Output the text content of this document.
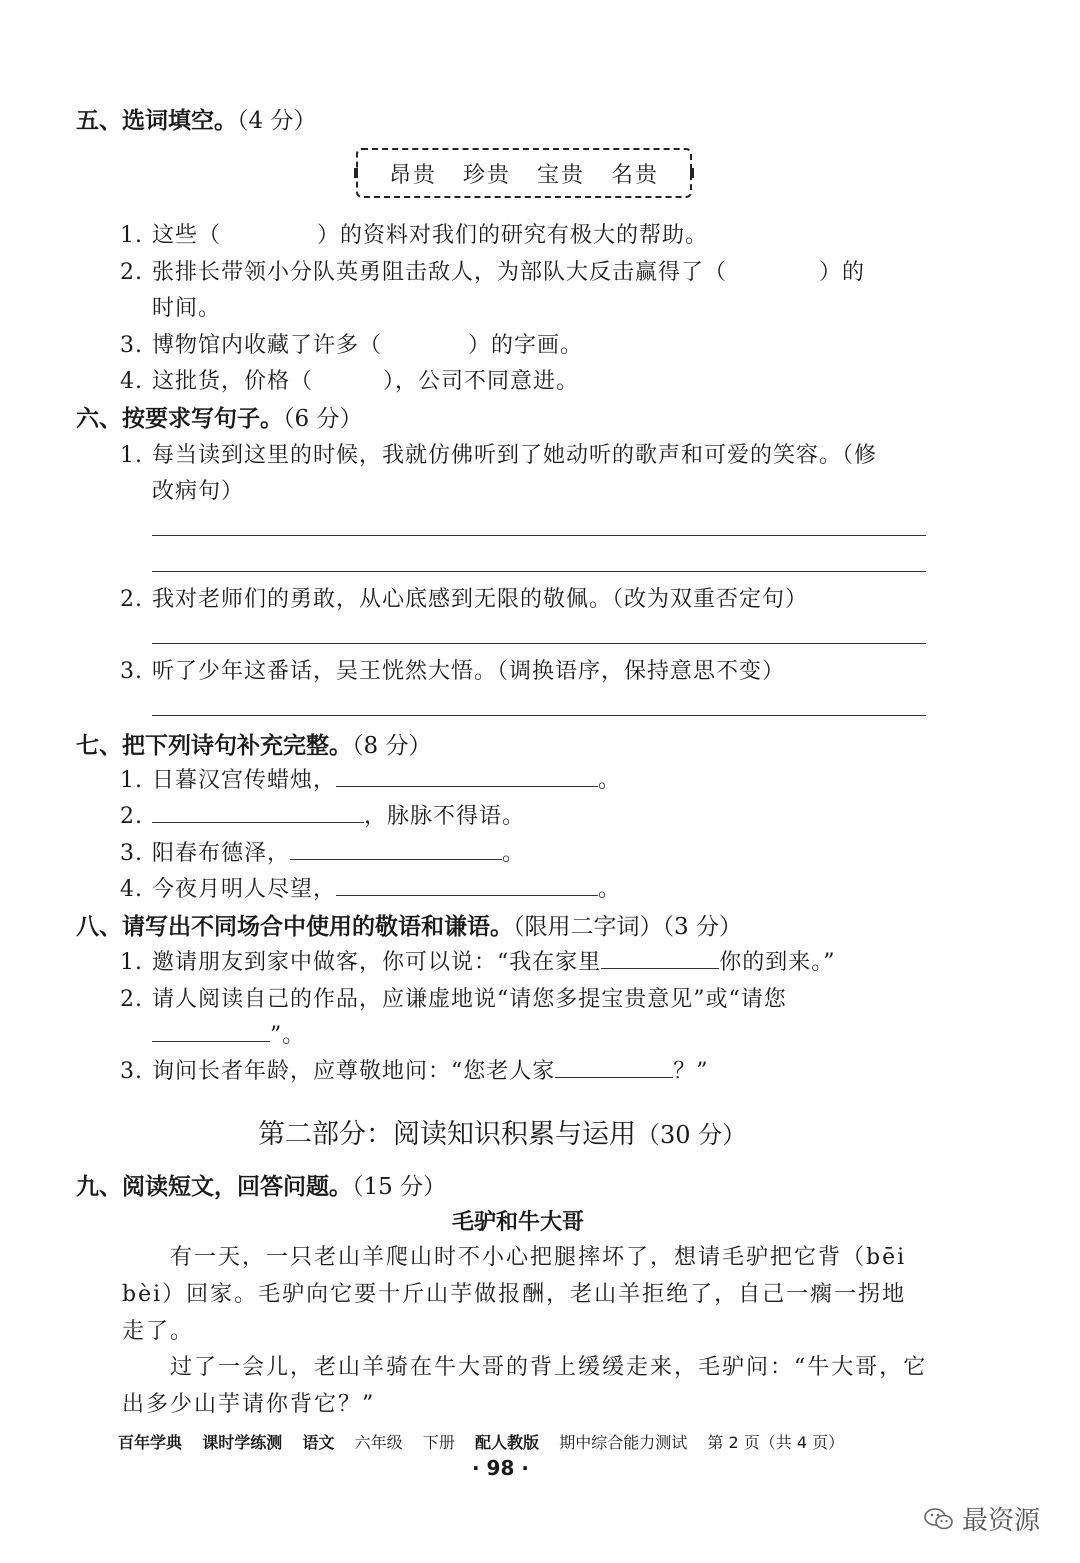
五、选词填空。（4 分）
昂贵 珍贵 宝贵 名贵
1. 这些（	）的资料对我们的研究有极大的帮助。
2. 张排长带领小分队英勇阻击敌人，为部队大反击赢得了（	）的
时间。
3. 博物馆内收藏了许多（	）的字画。
4. 这批货，价格（	），公司不同意进。
六、按要求写句子。（6 分）
1. 每当读到这里的时候，我就仿佛听到了她动听的歌声和可爱的笑容。（修
改病句）
2. 我对老师们的勇敢，从心底感到无限的敬佩。（改为双重否定句）
3. 听了少年这番话，吴王恍然大悟。（调换语序，保持意思不变）
七、把下列诗句补充完整。（8 分）
1. 日暮汉宫传蜡烛，	。
2.	，脉脉不得语。
3. 阳春布德泽，	。
4. 今夜月明人尽望，	。
八、请写出不同场合中使用的敬语和谦语。（限用二字词）（3 分）
1. 邀请朋友到家中做客，你可以说：“我在家里	你的到来。”
2. 请人阅读自己的作品，应谦虚地说“请您多提宝贵意见”或“请您
”。
3. 询问长者年龄，应尊敬地问：“您老人家	？”
第二部分：阅读知识积累与运用（30 分）
九、阅读短文，回答问题。（15 分）
毛驴和牛大哥
有一天，一只老山羊爬山时不小心把腿摔坏了，想请毛驴把它背（bēi
bèi）回家。毛驴向它要十斤山芋做报酬，老山羊拒绝了，自己一瘸一拐地
走了。
过了一会儿，老山羊骑在牛大哥的背上缓缓走来，毛驴问：“牛大哥，它
出多少山芋请你背它？”
百年学典 课时学练测 语文 六年级 下册 配人教版 期中综合能力测试 第 2 页（共 4 页）
· 98 ·
最资源
